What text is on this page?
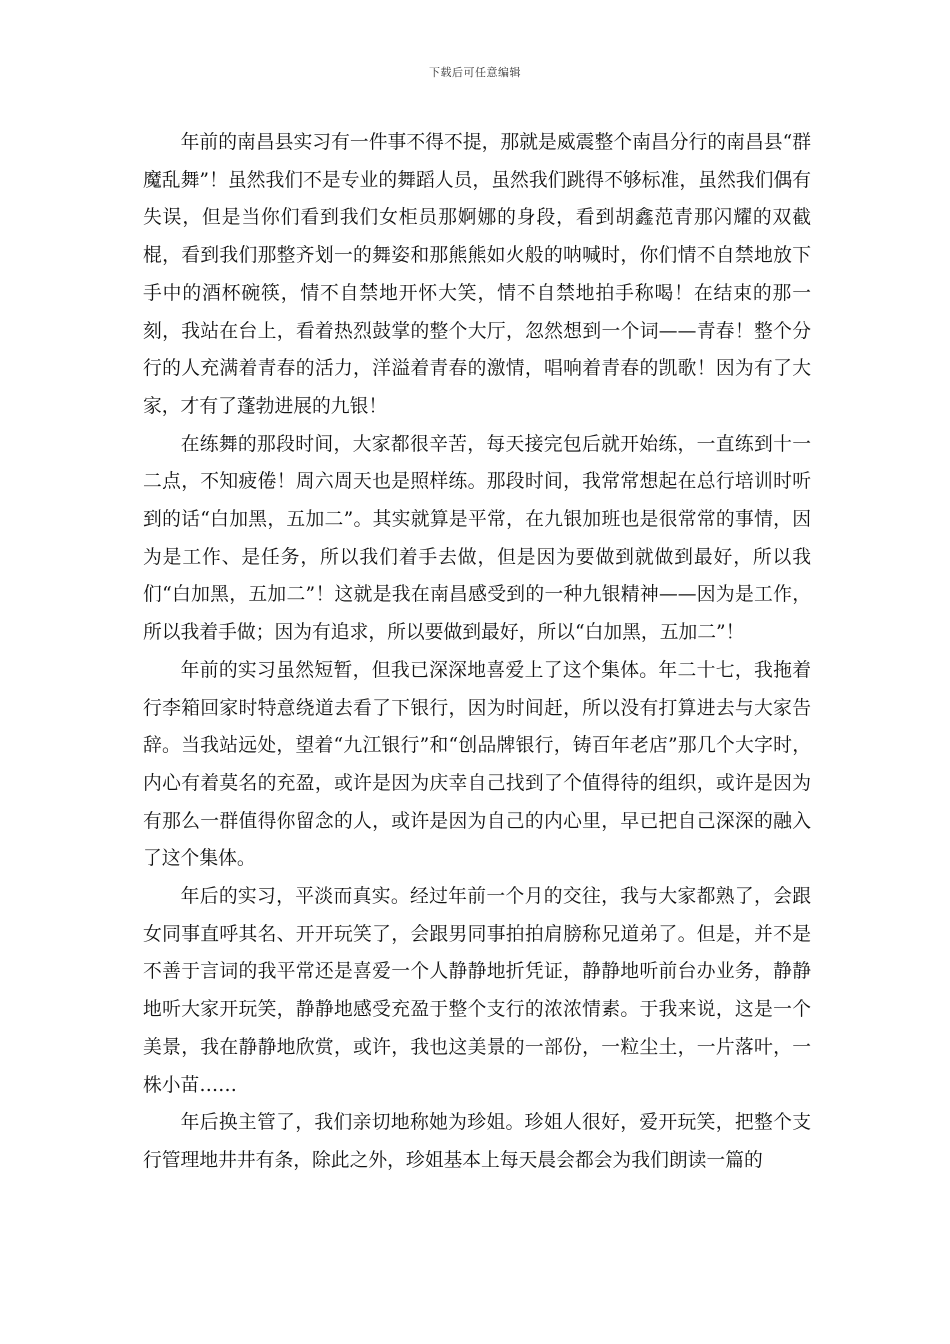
下载后可任意编辑

年前的南昌县实习有一件事不得不提，那就是威震整个南昌分行的南昌县“群魔乱舞”！虽然我们不是专业的舞蹈人员，虽然我们跳得不够标准，虽然我们偶有失误，但是当你们看到我们女柜员那婀娜的身段，看到胡鑫范青那闪耀的双截棍，看到我们那整齐划一的舞姿和那熊熊如火般的呐喊时，你们情不自禁地放下手中的酒杯碗筷，情不自禁地开怀大笑，情不自禁地拍手称喝！在结束的那一刻，我站在台上，看着热烈鼓掌的整个大厅，忽然想到一个词——青春！整个分行的人充满着青春的活力，洋溢着青春的激情，唱响着青春的凯歌！因为有了大家，才有了蓬勃进展的九银！

在练舞的那段时间，大家都很辛苦，每天接完包后就开始练，一直练到十一二点，不知疲倦！周六周天也是照样练。那段时间，我常常想起在总行培训时听到的话“白加黑，五加二”。其实就算是平常，在九银加班也是很常常的事情，因为是工作、是任务，所以我们着手去做，但是因为要做到就做到最好，所以我们“白加黑，五加二”！这就是我在南昌感受到的一种九银精神——因为是工作，所以我着手做；因为有追求，所以要做到最好，所以“白加黑，五加二”！

年前的实习虽然短暂，但我已深深地喜爱上了这个集体。年二十七，我拖着行李箱回家时特意绕道去看了下银行，因为时间赶，所以没有打算进去与大家告辞。当我站远处，望着“九江银行”和“创品牌银行，铸百年老店”那几个大字时，内心有着莫名的充盈，或许是因为庆幸自己找到了个值得待的组织，或许是因为有那么一群值得你留念的人，或许是因为自己的内心里，早已把自己深深的融入了这个集体。

年后的实习，平淡而真实。经过年前一个月的交往，我与大家都熟了，会跟女同事直呼其名、开开玩笑了，会跟男同事拍拍肩膀称兄道弟了。但是，并不是不善于言词的我平常还是喜爱一个人静静地折凭证，静静地听前台办业务，静静地听大家开玩笑，静静地感受充盈于整个支行的浓浓情素。于我来说，这是一个美景，我在静静地欣赏，或许，我也这美景的一部份，一粒尘土，一片落叶，一株小苗……

年后换主管了，我们亲切地称她为珍姐。珍姐人很好，爱开玩笑，把整个支行管理地井井有条，除此之外，珍姐基本上每天晨会都会为我们朗读一篇的
